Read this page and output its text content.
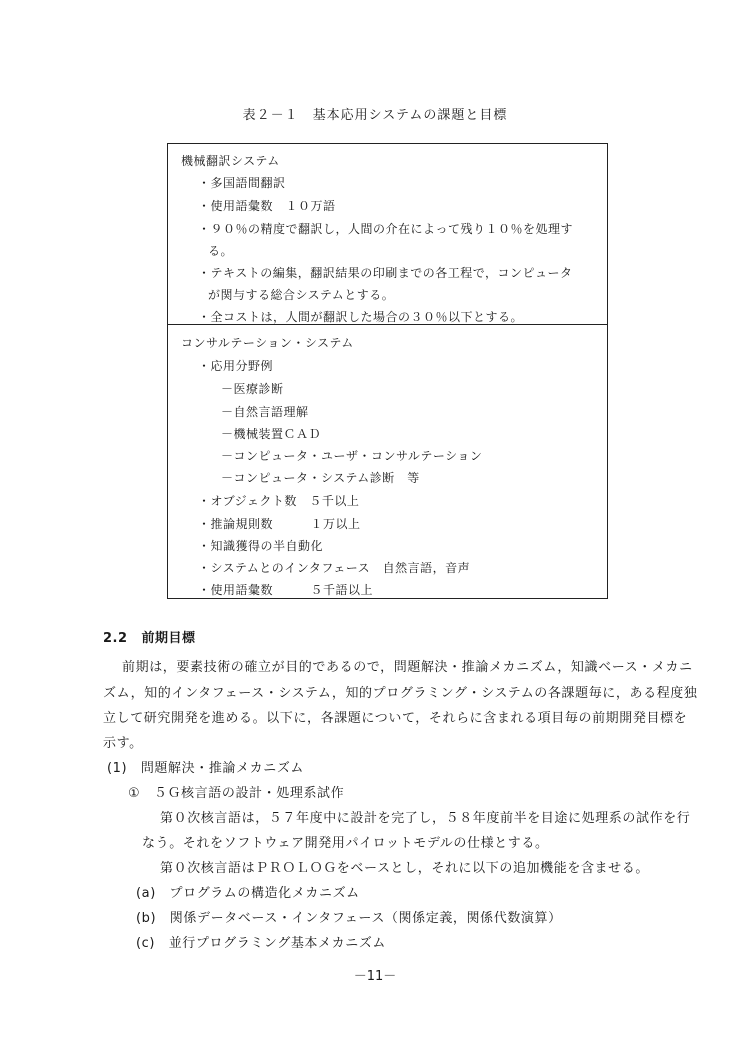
表２－１　基本応用システムの課題と目標
機械翻訳システム
・多国語間翻訳
・使用語彙数　１０万語
・９０％の精度で翻訳し，人間の介在によって残り１０％を処理す
る。
・テキストの編集，翻訳結果の印刷までの各工程で，コンピュータ
が関与する総合システムとする。
・全コストは，人間が翻訳した場合の３０％以下とする。
コンサルテーション・システム
・応用分野例
－医療診断
－自然言語理解
－機械装置ＣＡＤ
－コンピュータ・ユーザ・コンサルテーション
－コンピュータ・システム診断　等
・オブジェクト数　５千以上
・推論規則数　　　１万以上
・知識獲得の半自動化
・システムとのインタフェース　自然言語，音声
・使用語彙数　　　５千語以上
2.2 前期目標
前期は，要素技術の確立が目的であるので，問題解決・推論メカニズム，知識ベース・メカニ
ズム，知的インタフェース・システム，知的プログラミング・システムの各課題毎に，ある程度独
立して研究開発を進める。以下に，各課題について，それらに含まれる項目毎の前期開発目標を
示す。
(1)　問題解決・推論メカニズム
①　５Ｇ核言語の設計・処理系試作
第０次核言語は，５７年度中に設計を完了し，５８年度前半を目途に処理系の試作を行
なう。それをソフトウェア開発用パイロットモデルの仕様とする。
第０次核言語はＰＲＯＬＯＧをベースとし，それに以下の追加機能を含ませる。
(a)　プログラムの構造化メカニズム
(b)　関係データベース・インタフェース（関係定義，関係代数演算）
(c)　並行プログラミング基本メカニズム
－11－
